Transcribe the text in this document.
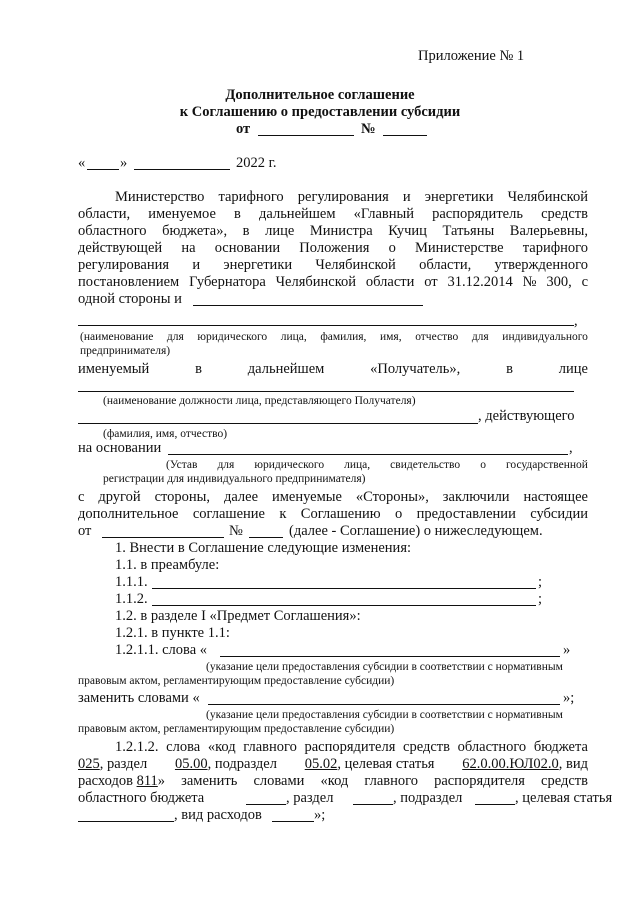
Приложение № 1
Дополнительное соглашение
к Соглашению о предоставлении субсидии
от	№
« »	2022 г.
Министерство тарифного регулирования и энергетики Челябинской
области, именуемое в дальнейшем «Главный распорядитель средств
областного бюджета», в лице Министра Кучиц Татьяны Валерьевны,
действующей на основании Положения о Министерстве тарифного
регулирования и энергетики Челябинской области, утвержденного
постановлением Губернатора Челябинской области от 31.12.2014 № 300, с
одной стороны и
,
(наименование для юридического лица, фамилия, имя, отчество для индивидуального
предпринимателя)
именуемый	в	дальнейшем	«Получатель»,	в	лице
(наименование должности лица, представляющего Получателя)
, действующего
(фамилия, имя, отчество)
на основании	,
(Устав для юридического лица, свидетельство о государственной
регистрации для индивидуального предпринимателя)
с другой стороны, далее именуемые «Стороны», заключили настоящее
дополнительное соглашение к Соглашению о предоставлении субсидии
от	№	(далее - Соглашение) о нижеследующем.
1. Внести в Соглашение следующие изменения:
1.1. в преамбуле:
1.1.1.	;
1.1.2.	;
1.2. в разделе I «Предмет Соглашения»:
1.2.1. в пункте 1.1:
1.2.1.1. слова «	»
(указание цели предоставления субсидии в соответствии с нормативным
правовым актом, регламентирующим предоставление субсидии)
заменить словами «	»;
(указание цели предоставления субсидии в соответствии с нормативным
правовым актом, регламентирующим предоставление субсидии)
1.2.1.2. слова «код главного распорядителя средств областного бюджета
025, раздел 05.00, подраздел 05.02, целевая статья 62.0.00.ЮЛ02.0, вид
расходов 811» заменить словами «код главного распорядителя средств
областного бюджета	, раздел	, подраздел	, целевая статья
, вид расходов	»;
